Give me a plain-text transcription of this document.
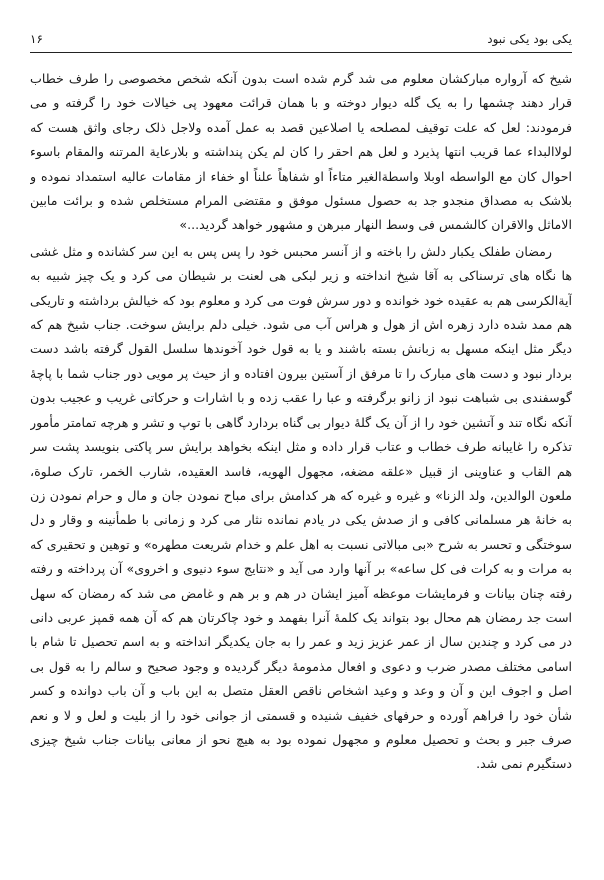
یکی بود یکی نبود
۱۶

شیخ که آرواره مبارکشان معلوم می شد گرم شده است بدون آنکه شخص مخصوصی را طرف خطاب قرار دهند چشمها را به یک گله دیوار دوخته و با همان قرائت معهود پی خیالات خود را گرفته و می فرمودند: لعل که علت توقیف لمصلحه یا اصلاعین قصد به عمل آمده ولاجل ذلک رجای واثق هست که لولاالبداء عما قریب انتها پذیرد و لعل هم احقر را کان لم یکن پنداشته و بلارعایة المرتنه والمقام باسوء احوال کان مع الواسطه اوبلا واسطةالغیر متاءاً او شفاهاً علناً او خفاء از مقامات عالیه استمداد نموده و بلاشک به مصداق منجدو جد به حصول مسئول موفق و مقتضی المرام مستخلص شده و برائت مابین الاماثل والاقران کالشمس فی وسط النهار مبرهن و مشهور خواهد گردید...»

رمضان طفلک یکبار دلش را باخته و از آنسر محبس خود را پس پس به این سر کشانده و مثل غشی ها نگاه های ترسناکی به آقا شیخ انداخته و زیر لبکی هی لعنت بر شیطان می کرد و یک چیز شبیه به آیةالکرسی هم به عقیده خود خوانده و دور سرش فوت می کرد و معلوم بود که خیالش برداشته و تاریکی هم ممد شده دارد زهره اش از هول و هراس آب می شود. خیلی دلم برایش سوخت. جناب شیخ هم که دیگر مثل اینکه مسهل به زبانش بسته باشند و یا به قول خود آخوندها سلسل القول گرفته باشد دست بردار نبود و دست های مبارک را تا مرفق از آستین بیرون افتاده و از حیث پر مویی دور جناب شما با پاچهٔ گوسفندی بی شباهت نبود از زانو برگرفته و عبا را عقب زده و با اشارات و حرکاتی غریب و عجیب بدون آنکه نگاه تند و آتشین خود را از آن یک گلهٔ دیوار بی گناه بردارد گاهی با توپ و تشر و هرچه تمامتر مأمور تذکره را غایبانه طرف خطاب و عتاب قرار داده و مثل اینکه بخواهد برایش سر پاکتی بنویسد پشت سر هم القاب و عناوینی از قبیل «علقه مضغه، مجهول الهویه، فاسد العقیده، شارب الخمر، تارک صلوة، ملعون الوالدین، ولد الزنا» و غیره و غیره که هر کدامش برای مباح نمودن جان و مال و حرام نمودن زن به خانهٔ هر مسلمانی کافی و از صدش یکی در یادم نمانده نثار می کرد و زمانی با طمأنینه و وقار و دل سوختگی و تحسر به شرح «بی مبالاتی نسبت به اهل علم و خدام شریعت مطهره» و توهین و تحقیری که به مرات و به کرات فی کل ساعه» بر آنها وارد می آید و «نتایج سوء دنیوی و اخروی» آن پرداخته و رفته رفته چنان بیانات و فرمایشات موعظه آمیز ایشان در هم و بر هم و غامض می شد که رمضان که سهل است جد رمضان هم محال بود بتواند یک کلمهٔ آنرا بفهمد و خود چاکرتان هم که آن همه قمپز عربی دانی در می کرد و چندین سال از عمر عزیز زید و عمر را به جان یکدیگر انداخته و به اسم تحصیل تا شام با اسامی مختلف مصدر ضرب و دعوی و افعال مذمومهٔ دیگر گردیده و وجود صحیح و سالم را به قول بی اصل و اجوف این و آن و وعد و وعید اشخاص ناقص العقل متصل به این باب و آن باب دوانده و کسر شأن خود را فراهم آورده و حرفهای خفیف شنیده و قسمتی از جوانی خود را از بلیت و لعل و لا و نعم صرف جبر و بحث و تحصیل معلوم و مجهول نموده بود به هیچ نحو از معانی بیانات جناب شیخ چیزی دستگیرم نمی شد.
